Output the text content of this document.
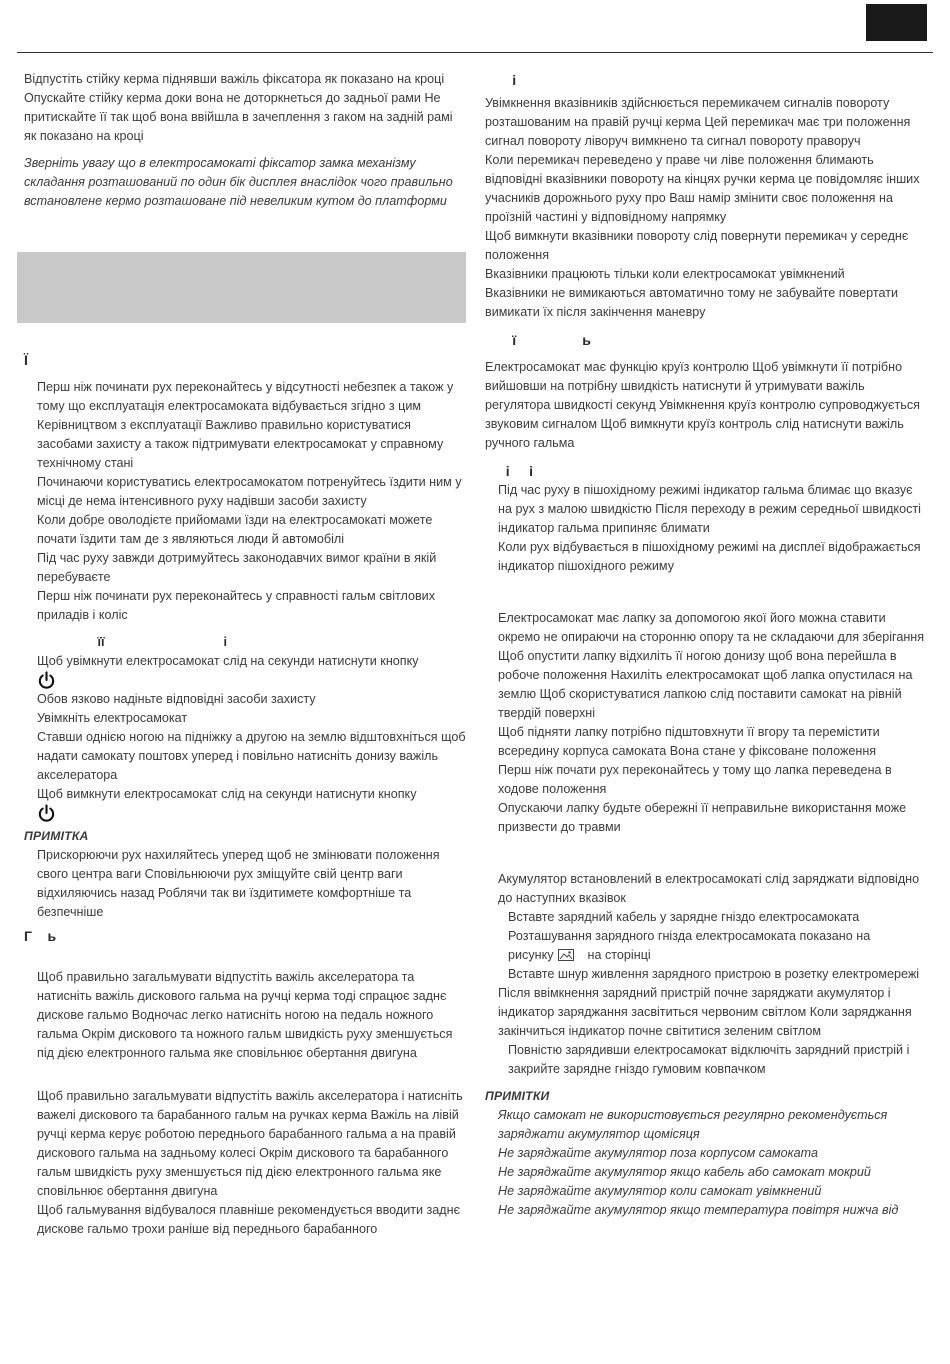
Відпустіть стійку керма піднявши важіль фіксатора як показано на кроці Опускайте стійку керма доки вона не доторкнеться до задньої рами Не притискайте її так щоб вона ввійшла в зачеплення з гаком на задній рамі як показано на кроці

Зверніть увагу що в електросамокаті фіксатор замка механізму складання розташований по один бік дисплея внаслідок чого правильно встановлене кермо розташоване під невеликим кутом до платформи

Ї

Перш ніж починати рух переконайтесь у відсутності небезпек а також у тому що експлуатація електросамоката відбувається згідно з цим Керівництвом з експлуатації Важливо правильно користуватися засобами захисту а також підтримувати електросамокат у справному технічному стані

Починаючи користуватись електросамокатом потренуйтесь їздити ним у місці де нема інтенсивного руху надівши засоби захисту

Коли добре оволодієте прийомами їзди на електросамокаті можете почати їздити там де з являються люди й автомобілі

Під час руху завжди дотримуйтесь законодавчих вимог країни в якій перебуваєте

Перш ніж починати рух переконайтесь у справності гальм світлових приладів і коліс

її                                  і

Щоб увімкнути електросамокат слід на секунди натиснути кнопку

Обов язково надіньте відповідні засоби захисту

Увімкніть електросамокат

Ставши однією ногою на підніжку а другою на землю відштовхніться щоб надати самокату поштовх уперед і повільно натисніть донизу важіль акселератора

Щоб вимкнути електросамокат слід на секунди натиснути кнопку

ПРИМІТКА

Прискорюючи рух нахиляйтесь уперед щоб не змінювати положення свого центра ваги Сповільнюючи рух зміщуйте свій центр ваги відхиляючись назад Роблячи так ви їздитимете комфортніше та безпечніше

Г    ь

Щоб правильно загальмувати відпустіть важіль акселератора та натисніть важіль дискового гальма на ручці керма тоді спрацює заднє дискове гальмо Водночас легко натисніть ногою на педаль ножного гальма Окрім дискового та ножного гальм швидкість руху зменшується під дією електронного гальма яке сповільнює обертання двигуна

Щоб правильно загальмувати відпустіть важіль акселератора і натисніть важелі дискового та барабанного гальм на ручках керма Важіль на лівій ручці керма керує роботою переднього барабанного гальма а на правій дискового гальма на задньому колесі Окрім дискового та барабанного гальм швидкість руху зменшується під дією електронного гальма яке сповільнює обертання двигуна

Щоб гальмування відбувалося плавніше рекомендується вводити заднє дискове гальмо трохи раніше від переднього барабанного

і

Увімкнення вказівників здійснюється перемикачем сигналів повороту розташованим на правій ручці керма Цей перемикач має три положення сигнал повороту ліворуч вимкнено та сигнал повороту праворуч

Коли перемикач переведено у праве чи ліве положення блимають відповідні вказівники повороту на кінцях ручки керма це повідомляє інших учасників дорожнього руху про Ваш намір змінити своє положення на проїзній частині у відповідному напрямку

Щоб вимкнути вказівники повороту слід повернути перемикач у середнє положення

Вказівники працюють тільки коли електросамокат увімкнений

Вказівники не вимикаються автоматично тому не забувайте повертати вимикати їх після закінчення маневру

ї                 ь

Електросамокат має функцію круїз контролю Щоб увімкнути її потрібно вийшовши на потрібну швидкість натиснути й утримувати важіль регулятора швидкості секунд Увімкнення круїз контролю супроводжується звуковим сигналом Щоб вимкнути круїз контроль слід натиснути важіль ручного гальма

і     і

Під час руху в пішохідному режимі індикатор гальма блимає що вказує на рух з малою швидкістю Після переходу в режим середньої швидкості індикатор гальма припиняє блимати

Коли рух відбувається в пішохідному режимі на дисплеї відображається індикатор пішохідного режиму

Електросамокат має лапку за допомогою якої його можна ставити окремо не опираючи на сторонню опору та не складаючи для зберігання

Щоб опустити лапку відхиліть її ногою донизу щоб вона перейшла в робоче положення Нахиліть електросамокат щоб лапка опустилася на землю Щоб скористуватися лапкою слід поставити самокат на рівній твердій поверхні

Щоб підняти лапку потрібно підштовхнути її вгору та перемістити всередину корпуса самоката Вона стане у фіксоване положення

Перш ніж почати рух переконайтесь у тому що лапка переведена в ходове положення

Опускаючи лапку будьте обережні її неправильне використання може призвести до травми

Акумулятор встановлений в електросамокаті слід заряджати відповідно до наступних вказівок

Вставте зарядний кабель у зарядне гніздо електросамоката

Розташування зарядного гнізда електросамоката показано на

рисунку	на сторінці

Вставте шнур живлення зарядного пристрою в розетку електромережі

Після ввімкнення зарядний пристрій почне заряджати акумулятор і індикатор заряджання засвітиться червоним світлом Коли заряджання закінчиться індикатор почне світитися зеленим світлом

Повністю зарядивши електросамокат відключіть зарядний пристрій і закрийте зарядне гніздо гумовим ковпачком

ПРИМІТКИ

Якщо самокат не використовується регулярно рекомендується заряджати акумулятор щомісяця

Не заряджайте акумулятор поза корпусом самоката

Не заряджайте акумулятор якщо кабель або самокат мокрий

Не заряджайте акумулятор коли самокат увімкнений

Не заряджайте акумулятор якщо температура повітря нижча від
